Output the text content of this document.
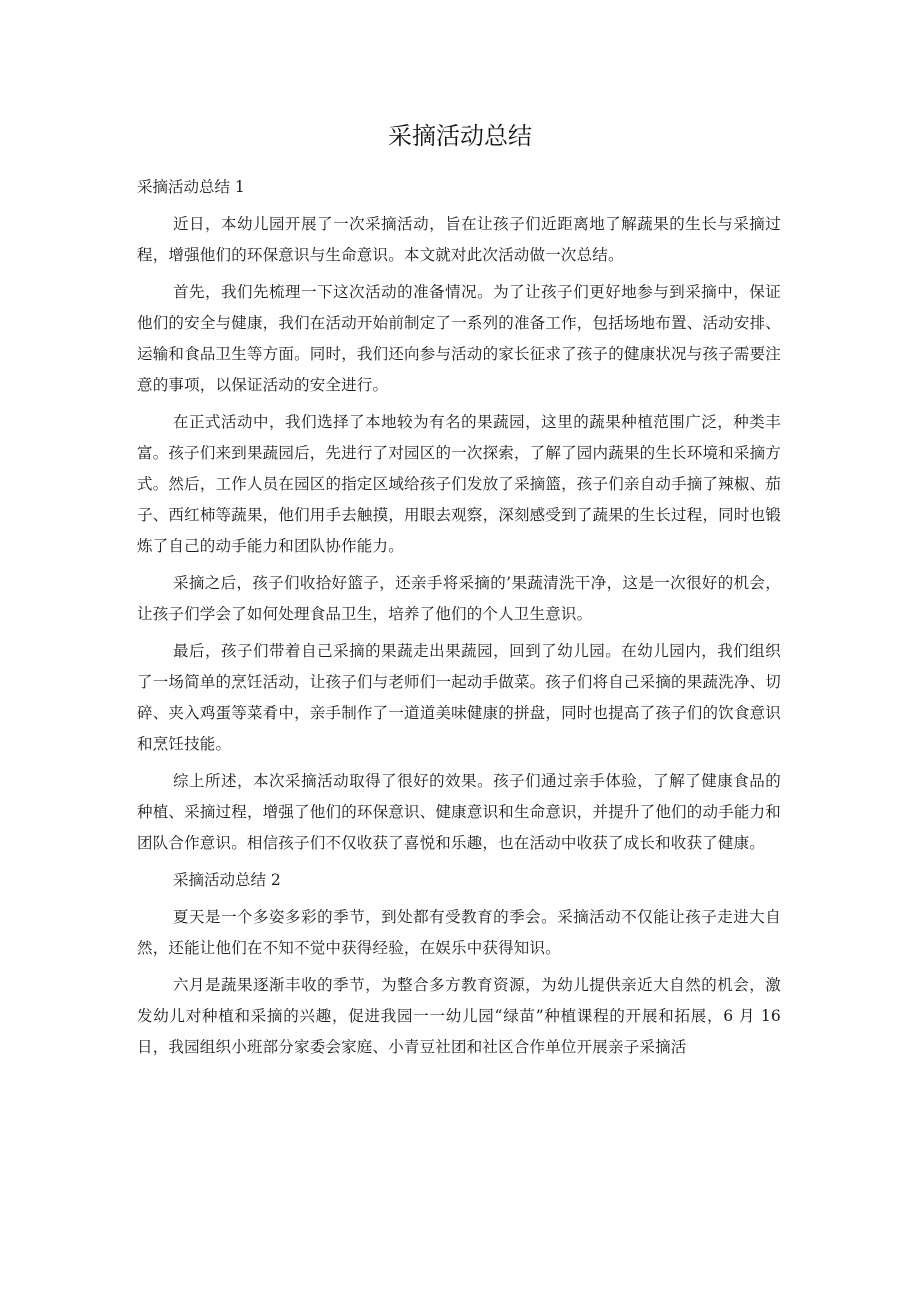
采摘活动总结

采摘活动总结 1

近日，本幼儿园开展了一次采摘活动，旨在让孩子们近距离地了解蔬果的生长与采摘过程，增强他们的环保意识与生命意识。本文就对此次活动做一次总结。

首先，我们先梳理一下这次活动的准备情况。为了让孩子们更好地参与到采摘中，保证他们的安全与健康，我们在活动开始前制定了一系列的准备工作，包括场地布置、活动安排、运输和食品卫生等方面。同时，我们还向参与活动的家长征求了孩子的健康状况与孩子需要注意的事项，以保证活动的安全进行。

在正式活动中，我们选择了本地较为有名的果蔬园，这里的蔬果种植范围广泛，种类丰富。孩子们来到果蔬园后，先进行了对园区的一次探索，了解了园内蔬果的生长环境和采摘方式。然后，工作人员在园区的指定区域给孩子们发放了采摘篮，孩子们亲自动手摘了辣椒、茄子、西红柿等蔬果，他们用手去触摸，用眼去观察，深刻感受到了蔬果的生长过程，同时也锻炼了自己的动手能力和团队协作能力。

采摘之后，孩子们收拾好篮子，还亲手将采摘的’果蔬清洗干净，这是一次很好的机会，让孩子们学会了如何处理食品卫生，培养了他们的个人卫生意识。

最后，孩子们带着自己采摘的果蔬走出果蔬园，回到了幼儿园。在幼儿园内，我们组织了一场简单的烹饪活动，让孩子们与老师们一起动手做菜。孩子们将自己采摘的果蔬洗净、切碎、夹入鸡蛋等菜肴中，亲手制作了一道道美味健康的拼盘，同时也提高了孩子们的饮食意识和烹饪技能。

综上所述，本次采摘活动取得了很好的效果。孩子们通过亲手体验，了解了健康食品的种植、采摘过程，增强了他们的环保意识、健康意识和生命意识，并提升了他们的动手能力和团队合作意识。相信孩子们不仅收获了喜悦和乐趣，也在活动中收获了成长和收获了健康。

采摘活动总结 2

夏天是一个多姿多彩的季节，到处都有受教育的季会。采摘活动不仅能让孩子走进大自然，还能让他们在不知不觉中获得经验，在娱乐中获得知识。

六月是蔬果逐渐丰收的季节，为整合多方教育资源，为幼儿提供亲近大自然的机会，激发幼儿对种植和采摘的兴趣，促进我园一一幼儿园“绿苗”种植课程的开展和拓展，6 月 16 日，我园组织小班部分家委会家庭、小青豆社团和社区合作单位开展亲子采摘活
